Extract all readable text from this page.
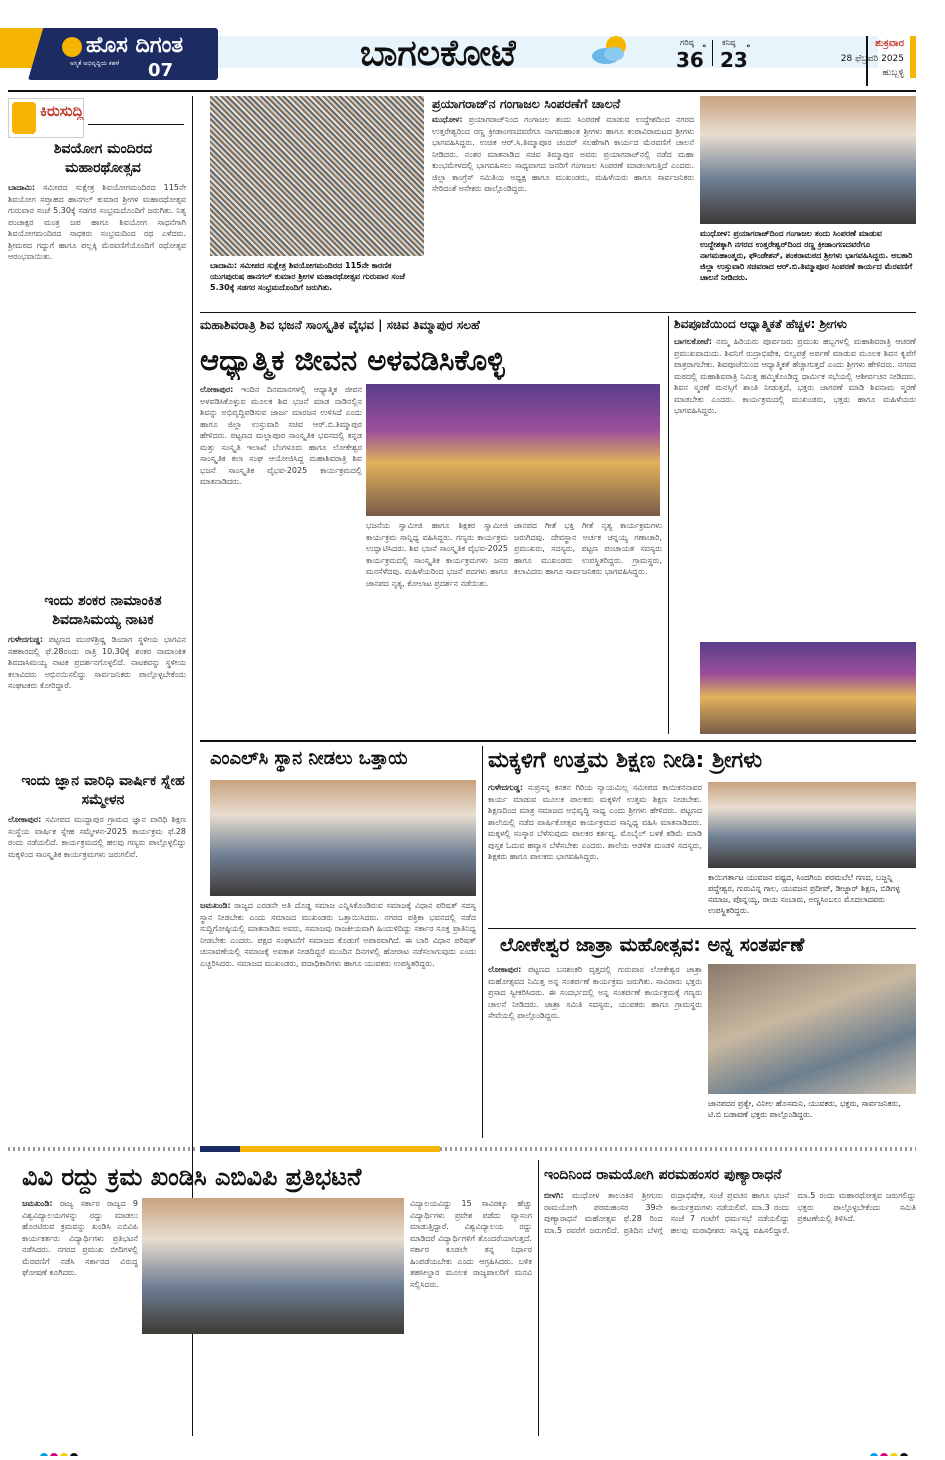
ಹೊಸ ದಿಗಂತ
ಅಸ್ಮಿತೆ ಅಭಿವೃದ್ಧಿಯ ಕಹಳೆ 07	ಬಾಗಲಕೋಟೆ	ಗರಿಷ್ಠ
36
°
ಕನಿಷ್ಠ
23
°	ಶುಕ್ರವಾರ
28 ಫೆಬ್ರವರಿ 2025
ಹುಬ್ಬಳ್ಳಿ
ಕಿರುಸುದ್ದಿ
ಶಿವಯೋಗ ಮಂದಿರದ ಮಹಾರಥೋತ್ಸವ
ಬಾದಾಮಿ: ಸಮೀಪದ ಸುಕ್ಷೇತ್ರ ಶಿವಯೋಗಮಂದಿರದ 115ನೇ ಶಿವಯೋಗ ಸಪ್ತಾಹದ ಹಾನಗಲ್ ಕುಮಾರ ಶ್ರೀಗಳ ಮಹಾರಥೋತ್ಸವ ಗುರುವಾರ ಸಂಜೆ 5.30ಕ್ಕೆ ಸಡಗರ ಸಂಭ್ರಮದೊಂದಿಗೆ ಜರುಗಿತು. ನಿತ್ಯ ಪಂಚಾಕ್ಷರ ಮಂತ್ರ ಜಪ ಹಾಗೂ ಶಿವಯೋಗ ಸಾಧನೆಗಾಗಿ ಶಿವಯೋಗಮಂದಿರದ ಸಾಧಕರು ಸಂಭ್ರಮದಿಂದ ರಥ ಎಳೆದರು. ಶ್ರೀಮಠದ ಗದ್ದುಗೆ ಹಾಗೂ ಪಲ್ಲಕ್ಕಿ ಮೆರವಣಿಗೆಯೊಂದಿಗೆ ರಥೋತ್ಸವ ಆರಂಭವಾಯಿತು.
ಇಂದು ಶಂಕರ ನಾಮಾಂಕಿತ ಶಿವದಾಸಿಮಯ್ಯ ನಾಟಕ
ಗುಳೇದಗುಡ್ಡ: ಪಟ್ಟಣದ ಮುರಳಿಶ್ರಿಷ್ಣ ಡಿಂದಾಗ ಸ್ಥಳೀಯ ಭಾಗವಿನ ಸಹಕಾರದಲ್ಲಿ ಫೆ.28ರಂದು ರಾತ್ರಿ 10.30ಕ್ಕೆ ಶಂಕರ ನಾಮಾಂಕಿತ ಶಿವದಾಸಿಮಯ್ಯ ನಾಟಕ ಪ್ರದರ್ಶನಗೊಳ್ಳಲಿದೆ. ನಾಟಕವನ್ನು ಸ್ಥಳೀಯ ಕಲಾವಿದರು ಅಭಿನಯಿಸಲಿದ್ದು ಸಾರ್ವಜನಿಕರು ಪಾಲ್ಗೊಳ್ಳಬೇಕೆಂದು ಸಂಘಟಕರು ಕೋರಿದ್ದಾರೆ.
ಇಂದು ಜ್ಞಾನ ವಾರಿಧಿ ವಾರ್ಷಿಕ ಸ್ನೇಹ ಸಮ್ಮೇಳನ
ಲೋಕಾಪುರ: ಸಮೀಪದ ಮುದ್ದಾಪುರ ಗ್ರಾಮದ ಜ್ಞಾನ ವಾರಿಧಿ ಶಿಕ್ಷಣ ಸಂಸ್ಥೆಯ ವಾರ್ಷಿಕ ಸ್ನೇಹ ಸಮ್ಮೇಳನ-2025 ಕಾರ್ಯಕ್ರಮ ಫೆ.28 ರಂದು ನಡೆಯಲಿದೆ. ಕಾರ್ಯಕ್ರಮದಲ್ಲಿ ಹಲವು ಗಣ್ಯರು ಪಾಲ್ಗೊಳ್ಳಲಿದ್ದು ಮಕ್ಕಳಿಂದ ಸಾಂಸ್ಕೃತಿಕ ಕಾರ್ಯಕ್ರಮಗಳು ಜರುಗಲಿವೆ.
ಬಾದಾಮಿ: ಸಮೀಪದ ಸುಕ್ಷೇತ್ರ ಶಿವಯೋಗಮಂದಿರದ 115ನೇ ಕಾರಣಿಕ ಯುಗಪುರುಷ ಹಾನಗಲ್ ಕುಮಾರ ಶ್ರೀಗಳ ಮಹಾರಥೋತ್ಸವ ಗುರುವಾರ ಸಂಜೆ 5.30ಕ್ಕೆ ಸಡಗರ ಸಂಭ್ರಮದೊಂದಿಗೆ ಜರುಗಿತು.
ಪ್ರಯಾಗರಾಜ್‌ನ ಗಂಗಾಜಲ ಸಿಂಪರಣೆಗೆ ಚಾಲನೆ
ಮುಧೋಳ: ಪ್ರಯಾಗರಾಜ್‌ನಿಂದ ಗಂಗಾಜಲ ತಂದು ಸಿಂಪರಣೆ ಮಾಡುವ ಉದ್ದೇಶದಿಂದ ನಗರದ ಉತ್ತರೇಶ್ವರಿಂದ ರಣ್ಣ ಕ್ರೀಡಾಂಗಣದವರೆಗೂ ನಾಗಮಹಾಂತ ಶ್ರೀಗಳು ಹಾಗೂ ಕಂಠಾವಿರಾಮಟದ ಶ್ರೀಗಳು ಭಾಗವಹಿಸಿದ್ದರು. ಉಚಿತ ಆರ್.ಸಿ.ತಿಮ್ಮಾಪೂರ ಚಂದರ್ ಸಲಹೆಗಾಗಿ ಕಾರ್ಯದ ಮೆರವಣಿಗೆ ಚಾಲನೆ ನೀಡಿದರು. ನಂತರ ಮಾತನಾಡಿದ ಸಚಿವ ತಿಮ್ಮಾಪುರ ಅವರು ಪ್ರಯಾಗರಾಜ್‌ನಲ್ಲಿ ನಡೆದ ಮಹಾ ಕುಂಭಮೇಳದಲ್ಲಿ ಭಾಗವಹಿಸಲು ಸಾಧ್ಯವಾಗದ ಜನರಿಗೆ ಗಂಗಾಜಲ ಸಿಂಪರಣೆ ಮಾಡಲಾಗುತ್ತಿದೆ ಎಂದರು. ಜಿಲ್ಲಾ ಕಾಂಗ್ರೆಸ್ ಸಮಿತಿಯ ಅಧ್ಯಕ್ಷ ಹಾಗೂ ಮುಖಂಡರು, ಮಹಿಳೆಯರು ಹಾಗೂ ಸಾರ್ವಜನಿಕರು ಸೇರಿದಂತೆ ಅನೇಕರು ಪಾಲ್ಗೊಂಡಿದ್ದರು.
ಮುಧೋಳ: ಪ್ರಯಾಗರಾಜ್‌ದಿಂದ ಗಂಗಾಜಲ ತಂದು ಸಿಂಪರಣೆ ಮಾಡುವ ಉದ್ದೇಶಕ್ಕಾಗಿ ನಗರದ ಉತ್ತರೇಶ್ವರ್‌ದಿಂದ ರಣ್ಣ ಕ್ರೀಡಾಂಗಣದವರೆಗೂ ನಾಗಮಹಾಂತ್ಮರು, ಫೌಂಡೇಶನ್, ಶಂಕರಾಮಠದ ಶ್ರೀಗಳು ಭಾಗವಹಿಸಿದ್ದರು. ಅಬಕಾರಿ ಜಿಲ್ಲಾ ಉಸ್ತುವಾರಿ ಸಚಿವರಾದ ಆರ್.ಬಿ.ತಿಮ್ಮಾಪೂರ ಸಿಂಪರಣೆ ಕಾರ್ಯದ ಮೆರವಣಿಗೆ ಚಾಲನೆ ನೀಡಿದರು.
ಮಹಾಶಿವರಾತ್ರಿ ಶಿವ ಭಜನೆ ಸಾಂಸ್ಕೃತಿಕ ವೈಭವ | ಸಚಿವ ತಿಮ್ಮಾಪುರ ಸಲಹೆ
ಆಧ್ಯಾತ್ಮಿಕ ಜೀವನ ಅಳವಡಿಸಿಕೊಳ್ಳಿ
ಲೋಕಾಪುರ: ಇಂದಿನ ದಿನಮಾನಗಳಲ್ಲಿ ಆಧ್ಯಾತ್ಮಿಕ ಜೀವನ ಅಳವಡಿಸಿಕೊಳ್ಳುವ ಮೂಲಕ ಶಿವ ಭಜನೆ ಮಾಡ ನಾಡಿನಲ್ಲಿನ ಶಿವನ್ನು ಅಭಿವೃದ್ಧಿಪಡಿಸುವ ಜಾರ್ಜ ಮಾರಜನ ಉಳಿಸಿದೆ ಎಂದು ಹಾಗೂ ಜಿಲ್ಲಾ ಉಸ್ತುವಾರಿ ಸಚಿವ ಆರ್.ಬಿ.ತಿಮ್ಮಾಪುರ ಹೇಳಿದರು. ಪಟ್ಟಣದ ಮಲ್ಲಾಪೂರ ಸಾಂಸ್ಕೃತಿಕ ಭವನದಲ್ಲಿ ಕನ್ನಡ ಮತ್ತು ಸಂಸ್ಕೃತಿ ಇಲಾಖೆ ಬೆಂಗಳೂರು ಹಾಗೂ ಲೋಕೇಶ್ವರ ಸಾಂಸ್ಕೃತಿಕ ಕಲಾ ಸಂಘ ಆಯೋಜಿಸಿದ್ದ ಮಹಾಶಿವರಾತ್ರಿ ಶಿವ ಭಜನೆ ಸಾಂಸ್ಕೃತಿಕ ವೈಭವ-2025 ಕಾರ್ಯಕ್ರಮದಲ್ಲಿ ಮಾತನಾಡಿದರು.
ಭಜನೆಯ ಸ್ವಾಮೀಜಿ ಹಾಗೂ ಶಿಕ್ಷಕರ ಸ್ವಾಮೀಜಿ ಕಾರ್ಯಕ್ರಮ ಸಾನ್ನಿಧ್ಯ ವಹಿಸಿದ್ದರು. ಗಣ್ಯರು ಕಾರ್ಯಕ್ರಮ ಉದ್ಘಾಟಿಸಿದರು. ಶಿವ ಭಜನೆ ಸಾಂಸ್ಕೃತಿಕ ವೈಭವ-2025 ಕಾರ್ಯಕ್ರಮದಲ್ಲಿ ಸಾಂಸ್ಕೃತಿಕ ಕಾರ್ಯಕ್ರಮಗಳು ಜನರ ಮನಸೆಳೆದವು. ಮಹಿಳೆಯರಿಂದ ಭಜನೆ ಪದಗಳು ಹಾಗೂ ಜಾನಪದ ನೃತ್ಯ, ಕೋಲಾಟ ಪ್ರದರ್ಶನ ನಡೆಯಿತು.
ಜಾನಪದ ಗೀತೆ ಭಕ್ತಿ ಗೀತೆ ನೃತ್ಯ ಕಾರ್ಯಕ್ರಮಗಳು ಜರುಗಿದವು. ದೇವಸ್ಥಾನ ಅರ್ಚಕ ಚನ್ನಯ್ಯ ಗಣಾಚಾರಿ, ಪ್ರಮುಖರು, ಸದಸ್ಯರು, ಪಟ್ಟಣ ಪಂಚಾಯತ ಸದಸ್ಯರು ಹಾಗೂ ಮುಖಂಡರು ಉಪಸ್ಥಿತರಿದ್ದರು. ಗ್ರಾಮಸ್ಥರು, ಕಲಾವಿದರು ಹಾಗೂ ಸಾರ್ವಜನಿಕರು ಭಾಗವಹಿಸಿದ್ದರು.
ಶಿವಪೂಜೆಯಿಂದ ಆಧ್ಯಾತ್ಮಿಕತೆ ಹೆಚ್ಚಳ: ಶ್ರೀಗಳು
ಬಾಗಲಕೋಟೆ: ನಮ್ಮ ಹಿರಿಯರು ಪೂರ್ವಜರು ಪ್ರಮುಖ ಹಬ್ಬಗಳಲ್ಲಿ ಮಹಾಶಿವರಾತ್ರಿ ಆಚರಣೆ ಪ್ರಮುಖವಾದುದು. ಶಿವನಿಗೆ ರುದ್ರಾಭಿಷೇಕ, ಬಿಲ್ವಪತ್ರೆ ಅರ್ಪಣೆ ಮಾಡುವ ಮೂಲಕ ಶಿವನ ಕೃಪೆಗೆ ಪಾತ್ರರಾಗಬೇಕು. ಶಿವಪೂಜೆಯಿಂದ ಆಧ್ಯಾತ್ಮಿಕತೆ ಹೆಚ್ಚಾಗುತ್ತದೆ ಎಂದು ಶ್ರೀಗಳು ಹೇಳಿದರು. ನಗರದ ಮಠದಲ್ಲಿ ಮಹಾಶಿವರಾತ್ರಿ ನಿಮಿತ್ತ ಹಮ್ಮಿಕೊಂಡಿದ್ದ ಧಾರ್ಮಿಕ ಸಭೆಯಲ್ಲಿ ಆಶೀರ್ವಚನ ನೀಡಿದರು. ಶಿವನ ಸ್ಮರಣೆ ಮನಸ್ಸಿಗೆ ಶಾಂತಿ ನೀಡುತ್ತದೆ, ಭಕ್ತರು ಜಾಗರಣೆ ಮಾಡಿ ಶಿವನಾಮ ಸ್ಮರಣೆ ಮಾಡಬೇಕು ಎಂದರು. ಕಾರ್ಯಕ್ರಮದಲ್ಲಿ ಮುಖಂಡರು, ಭಕ್ತರು ಹಾಗೂ ಮಹಿಳೆಯರು ಭಾಗವಹಿಸಿದ್ದರು.
ಎಂಎಲ್‌ಸಿ ಸ್ಥಾನ ನೀಡಲು ಒತ್ತಾಯ
ಜಮಖಂಡಿ: ರಾಜ್ಯದ ಎರಡನೇ ಅತಿ ದೊಡ್ಡ ಸಮಾಜ ಎನ್ನಿಸಿಕೊಂಡಿರುವ ಸಮಾಜಕ್ಕೆ ವಿಧಾನ ಪರಿಷತ್ ಸದಸ್ಯ ಸ್ಥಾನ ನೀಡಬೇಕು ಎಂದು ಸಮಾಜದ ಮುಖಂಡರು ಒತ್ತಾಯಿಸಿದರು. ನಗರದ ಪತ್ರಿಕಾ ಭವನದಲ್ಲಿ ನಡೆದ ಸುದ್ದಿಗೋಷ್ಠಿಯಲ್ಲಿ ಮಾತನಾಡಿದ ಅವರು, ಸಮಾಜವು ರಾಜಕೀಯವಾಗಿ ಹಿಂದುಳಿದಿದ್ದು ಸರ್ಕಾರ ಸೂಕ್ತ ಪ್ರಾತಿನಿಧ್ಯ ನೀಡಬೇಕು ಎಂದರು. ಪಕ್ಷದ ಸಂಘಟನೆಗೆ ಸಮಾಜದ ಕೊಡುಗೆ ಅಪಾರವಾಗಿದೆ. ಈ ಬಾರಿ ವಿಧಾನ ಪರಿಷತ್ ಚುನಾವಣೆಯಲ್ಲಿ ಸಮಾಜಕ್ಕೆ ಅವಕಾಶ ನೀಡದಿದ್ದರೆ ಮುಂದಿನ ದಿನಗಳಲ್ಲಿ ಹೋರಾಟ ನಡೆಸಲಾಗುವುದು ಎಂದು ಎಚ್ಚರಿಸಿದರು. ಸಮಾಜದ ಮುಖಂಡರು, ಪದಾಧಿಕಾರಿಗಳು ಹಾಗೂ ಯುವಕರು ಉಪಸ್ಥಿತರಿದ್ದರು.
ಮಕ್ಕಳಿಗೆ ಉತ್ತಮ ಶಿಕ್ಷಣ ನೀಡಿ: ಶ್ರೀಗಳು
ಗುಳೇದಗುಡ್ಡ: ಸುಪ್ರಸನ್ನ ಕನಕನ ಗಿರಿಯ ನ್ಯಾಯಮಿಲ್ಲ ಸಮೀಪದ ಕಾಯಿಕನನಾವರ ಕಾರ್ಯ ಮಾಡುವ ಮೂಲಕ ಪಾಲಕರು ಮಕ್ಕಳಿಗೆ ಉತ್ತಮ ಶಿಕ್ಷಣ ನೀಡಬೇಕು. ಶಿಕ್ಷಣದಿಂದ ಮಾತ್ರ ಸಮಾಜದ ಅಭಿವೃದ್ಧಿ ಸಾಧ್ಯ ಎಂದು ಶ್ರೀಗಳು ಹೇಳಿದರು. ಪಟ್ಟಣದ ಶಾಲೆಯಲ್ಲಿ ನಡೆದ ವಾರ್ಷಿಕೋತ್ಸವ ಕಾರ್ಯಕ್ರಮದ ಸಾನ್ನಿಧ್ಯ ವಹಿಸಿ ಮಾತನಾಡಿದರು. ಮಕ್ಕಳಲ್ಲಿ ಸಂಸ್ಕಾರ ಬೆಳೆಸುವುದು ಪಾಲಕರ ಕರ್ತವ್ಯ. ಮೊಬೈಲ್ ಬಳಕೆ ಕಡಿಮೆ ಮಾಡಿ ಪುಸ್ತಕ ಓದುವ ಹವ್ಯಾಸ ಬೆಳೆಸಬೇಕು ಎಂದರು. ಶಾಲೆಯ ಆಡಳಿತ ಮಂಡಳಿ ಸದಸ್ಯರು, ಶಿಕ್ಷಕರು ಹಾಗೂ ಪಾಲಕರು ಭಾಗವಹಿಸಿದ್ದರು.
ಕಾಯಿಗರ್ತಾಟ ಯುವಜನ ವಷ್ಟದ, ಸಿಂದಗಿಯ ಪರಮಬೆಲೆ ಗಣದ, ಬಜ್ಜನ್ನಿ ಪದ್ದೇಶ್ವರ, ಗುರುವಿನ್ನ ಗಾಲ, ಯುವಜನ ಪ್ರದೀಪ್, ಡೀಜ್ಜಾರ್ ಶಿಕ್ಷಣ, ಬಿಡಿಗಳ್ಳ ಸಮಾಜ, ಪೊನ್ನಯ್ಯ, ರಾಯ ಸಂಬಾರು, ಅಣ್ಣಸಿಂಬಲು ಮೊದಲಾದವರು ಉಪಸ್ಥಿತರಿದ್ದರು.
ಲೋಕೇಶ್ವರ ಜಾತ್ರಾ ಮಹೋತ್ಸವ: ಅನ್ನ ಸಂತರ್ಪಣೆ
ಲೋಕಾಪುರ: ಪಟ್ಟಣದ ಬನಶಂಕರಿ ವೃತ್ತದಲ್ಲಿ ಗುರುವಾರ ಲೋಕೇಶ್ವರ ಜಾತ್ರಾ ಮಹೋತ್ಸವದ ನಿಮಿತ್ತ ಅನ್ನ ಸಂತರ್ಪಣೆ ಕಾರ್ಯಕ್ರಮ ಜರುಗಿತು. ಸಾವಿರಾರು ಭಕ್ತರು ಪ್ರಸಾದ ಸ್ವೀಕರಿಸಿದರು. ಈ ಸಂದರ್ಭದಲ್ಲಿ ಅನ್ನ ಸಂತರ್ಪಣೆ ಕಾರ್ಯಕ್ರಮಕ್ಕೆ ಗಣ್ಯರು ಚಾಲನೆ ನೀಡಿದರು. ಜಾತ್ರಾ ಸಮಿತಿ ಸದಸ್ಯರು, ಯುವಕರು ಹಾಗೂ ಗ್ರಾಮಸ್ಥರು ಸೇವೆಯಲ್ಲಿ ಪಾಲ್ಗೊಂಡಿದ್ದರು.
ಜಾನಪದರ ಪ್ರತ್ಯೇ, ವಿನೀಲ ಹೊಸಮನಿ, ಯುವಕರು, ಭಕ್ತರು, ಸಾರ್ವಜನಿಕರು, ಟಿ.ಬಿ ಬಡಾವಣೆ ಭಕ್ತರು ಪಾಲ್ಗೊಂಡಿದ್ದರು.
ವಿವಿ ರದ್ದು ಕ್ರಮ ಖಂಡಿಸಿ ಎಬಿವಿಪಿ ಪ್ರತಿಭಟನೆ
ಜಮಖಂಡಿ: ರಾಜ್ಯ ಸರ್ಕಾರ ರಾಜ್ಯದ 9 ವಿಶ್ವವಿದ್ಯಾಲಯಗಳನ್ನು ರದ್ದು ಮಾಡಲು ಹೊರಟಿರುವ ಕ್ರಮವನ್ನು ಖಂಡಿಸಿ ಎಬಿವಿಪಿ ಕಾರ್ಯಕರ್ತರು ವಿದ್ಯಾರ್ಥಿಗಳು ಪ್ರತಿಭಟನೆ ನಡೆಸಿದರು. ನಗರದ ಪ್ರಮುಖ ಬೀದಿಗಳಲ್ಲಿ ಮೆರವಣಿಗೆ ನಡೆಸಿ ಸರ್ಕಾರದ ವಿರುದ್ಧ ಘೋಷಣೆ ಕೂಗಿದರು.
ವಿದ್ಯಾಲಯವಿದ್ದು 15 ಸಾವಿರಕ್ಕೂ ಹೆಚ್ಚು ವಿದ್ಯಾರ್ಥಿಗಳು ಪ್ರವೇಶ ಪಡೆದು ವ್ಯಾಸಂಗ ಮಾಡುತ್ತಿದ್ದಾರೆ. ವಿಶ್ವವಿದ್ಯಾಲಯ ರದ್ದು ಮಾಡಿದರೆ ವಿದ್ಯಾರ್ಥಿಗಳಿಗೆ ತೊಂದರೆಯಾಗುತ್ತದೆ. ಸರ್ಕಾರ ಕೂಡಲೇ ತನ್ನ ನಿರ್ಧಾರ ಹಿಂಪಡೆಯಬೇಕು ಎಂದು ಆಗ್ರಹಿಸಿದರು. ಬಳಿಕ ತಹಸೀಲ್ದಾರ ಮೂಲಕ ರಾಜ್ಯಪಾಲರಿಗೆ ಮನವಿ ಸಲ್ಲಿಸಿದರು.
ಇಂದಿನಿಂದ ರಾಮಯೋಗಿ ಪರಮಹಂಸರ ಪುಣ್ಯಾರಾಧನೆ
ಬೀಳಗಿ: ಮುಧೋಳ ತಾಲೂಕಿನ ಶ್ರೀಗುರು ರಾಮಯೋಗಿ ಪರಮಹಂಸರ 39ನೇ ಪುಣ್ಯಾರಾಧನೆ ಮಹೋತ್ಸವ ಫೆ.28 ರಿಂದ ಮಾ.5 ರವರೆಗೆ ಜರುಗಲಿದೆ. ಪ್ರತಿದಿನ ಬೆಳಗ್ಗೆ ರುದ್ರಾಭಿಷೇಕ, ಸಂಜೆ ಪ್ರವಚನ ಹಾಗೂ ಭಜನೆ ಕಾರ್ಯಕ್ರಮಗಳು ನಡೆಯಲಿವೆ. ಮಾ.3 ರಂದು ಸಂಜೆ 7 ಗಂಟೆಗೆ ಧರ್ಮಸಭೆ ನಡೆಯಲಿದ್ದು ಹಲವು ಮಠಾಧೀಶರು ಸಾನ್ನಿಧ್ಯ ವಹಿಸಲಿದ್ದಾರೆ. ಮಾ.5 ರಂದು ಮಹಾರಥೋತ್ಸವ ಜರುಗಲಿದ್ದು ಭಕ್ತರು ಪಾಲ್ಗೊಳ್ಳಬೇಕೆಂದು ಸಮಿತಿ ಪ್ರಕಟಣೆಯಲ್ಲಿ ತಿಳಿಸಿದೆ.
